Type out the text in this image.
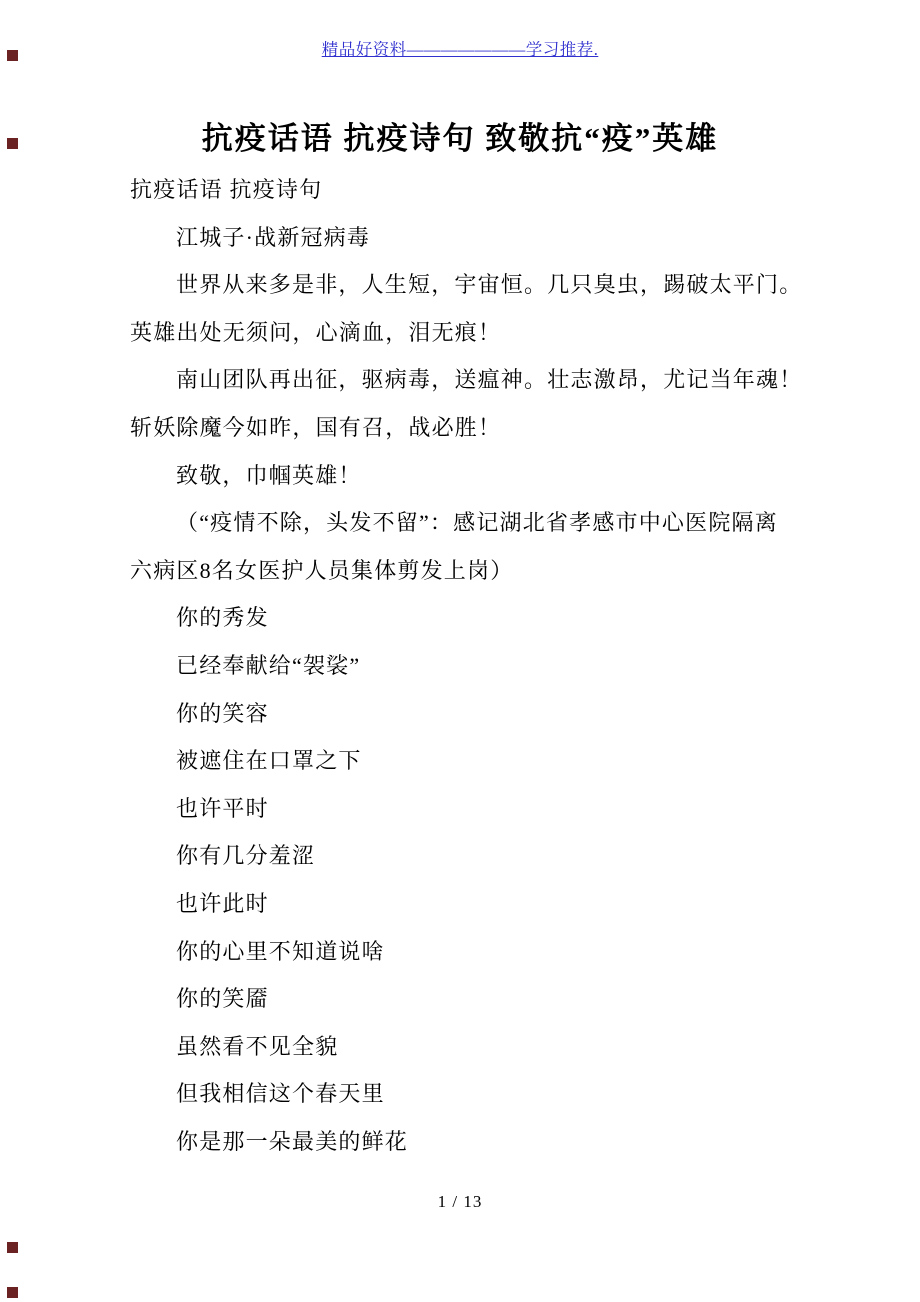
精品好资料———————学习推荐.
抗疫话语 抗疫诗句 致敬抗“疫”英雄
抗疫话语 抗疫诗句
江城子·战新冠病毒
世界从来多是非，人生短，宇宙恒。几只臭虫，踢破太平门。
英雄出处无须问，心滴血，泪无痕！
南山团队再出征，驱病毒，送瘟神。壮志激昂，尤记当年魂！
斩妖除魔今如昨，国有召，战必胜！
致敬，巾帼英雄！
（“疫情不除，头发不留”：感记湖北省孝感市中心医院隔离
六病区8名女医护人员集体剪发上岗）
你的秀发
已经奉献给“袈裟”
你的笑容
被遮住在口罩之下
也许平时
你有几分羞涩
也许此时
你的心里不知道说啥
你的笑靥
虽然看不见全貌
但我相信这个春天里
你是那一朵最美的鲜花
1 / 13
